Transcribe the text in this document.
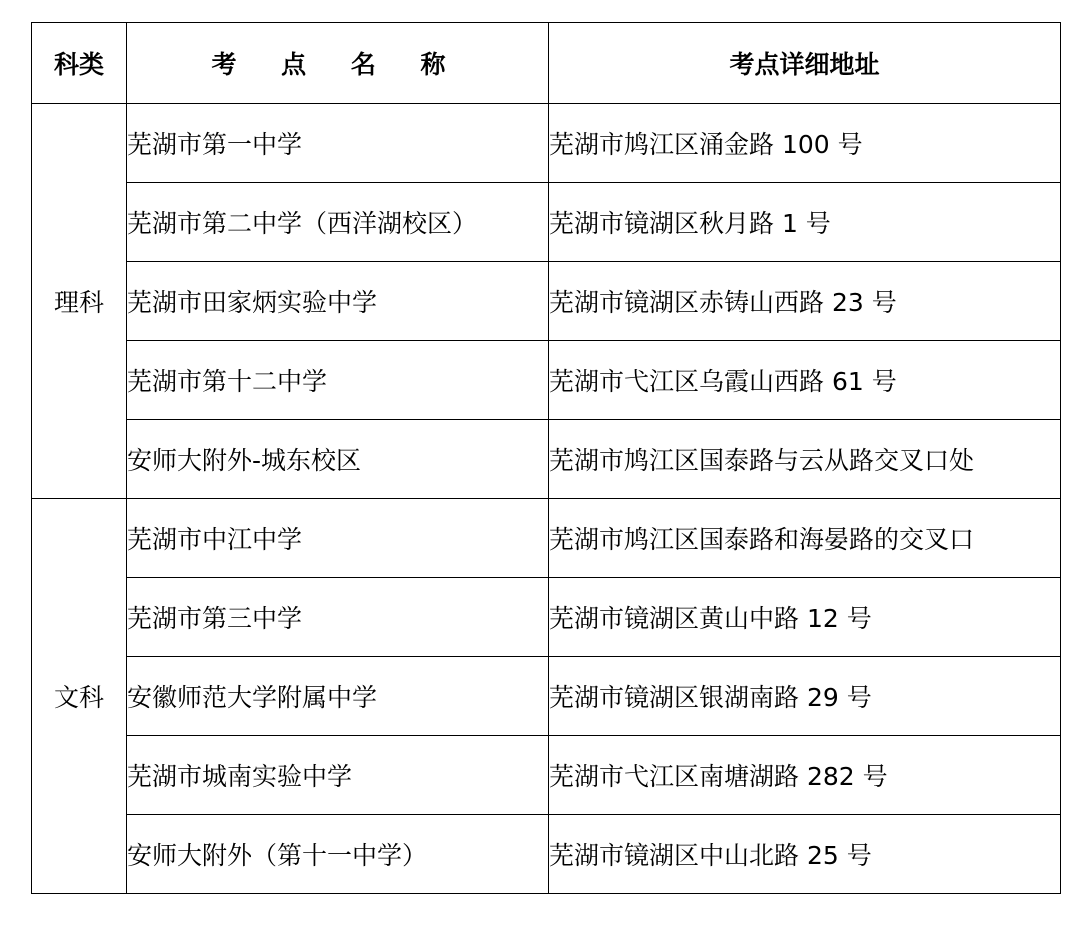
科类	考 点 名 称	考点详细地址
理科	芜湖市第一中学	芜湖市鸠江区涌金路 100 号
	芜湖市第二中学（西洋湖校区）	芜湖市镜湖区秋月路 1 号
	芜湖市田家炳实验中学	芜湖市镜湖区赤铸山西路 23 号
	芜湖市第十二中学	芜湖市弋江区乌霞山西路 61 号
	安师大附外-城东校区	芜湖市鸠江区国泰路与云从路交叉口处
文科	芜湖市中江中学	芜湖市鸠江区国泰路和海晏路的交叉口
	芜湖市第三中学	芜湖市镜湖区黄山中路 12 号
	安徽师范大学附属中学	芜湖市镜湖区银湖南路 29 号
	芜湖市城南实验中学	芜湖市弋江区南塘湖路 282 号
	安师大附外（第十一中学）	芜湖市镜湖区中山北路 25 号
